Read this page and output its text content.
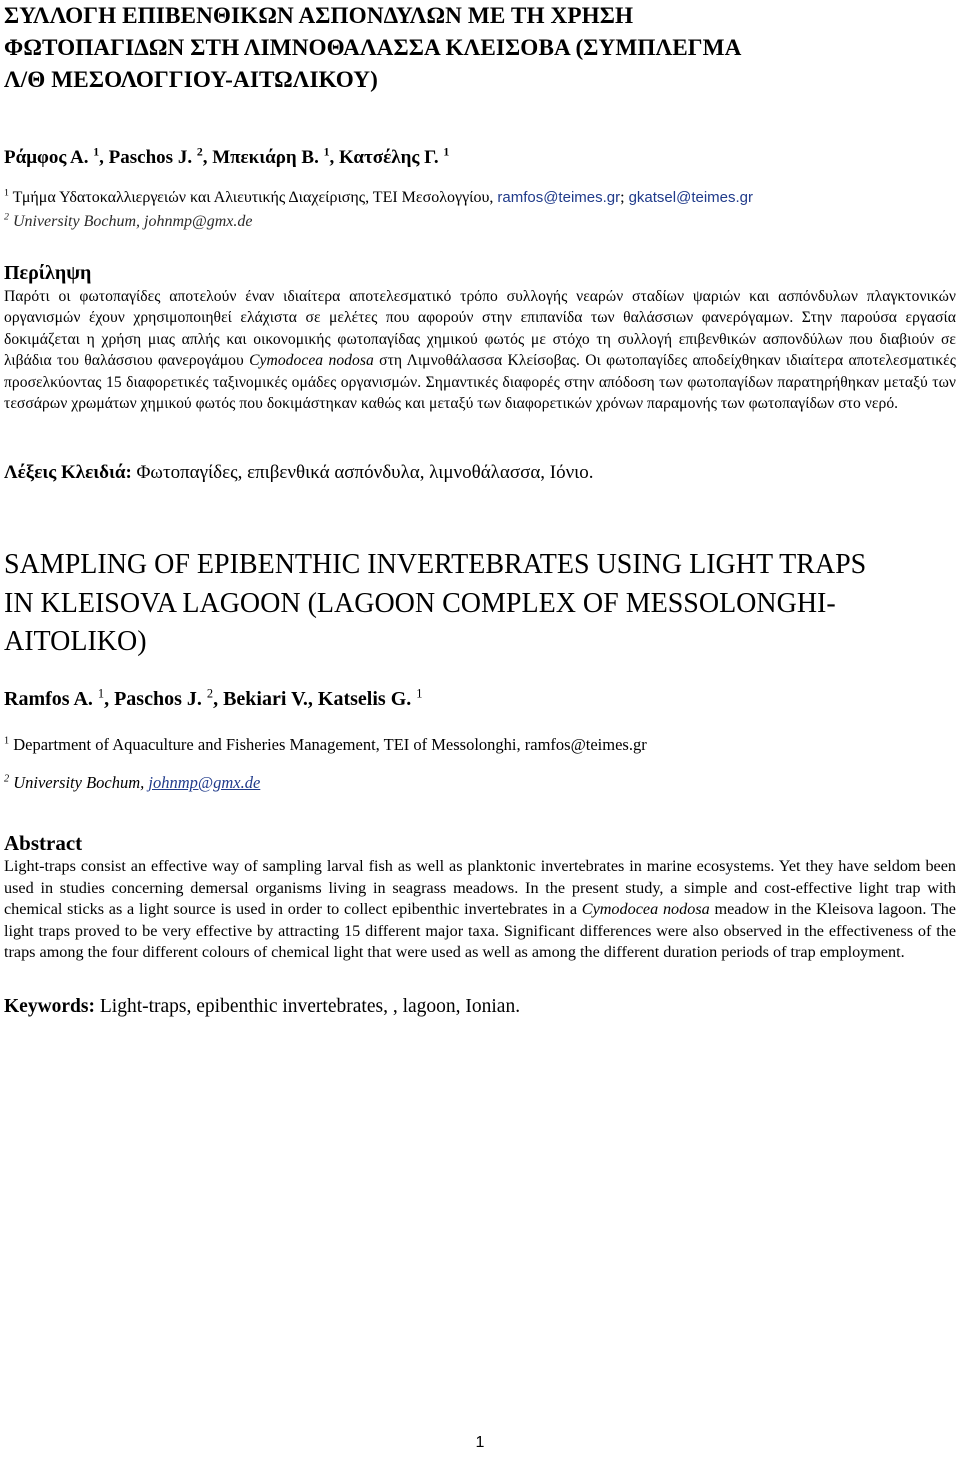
ΣΥΛΛΟΓΗ ΕΠΙΒΕΝΘΙΚΩΝ ΑΣΠΟΝΔΥΛΩΝ ΜΕ ΤΗ ΧΡΗΣΗ
ΦΩΤΟΠΑΓΙΔΩΝ ΣΤΗ ΛΙΜΝΟΘΑΛΑΣΣΑ ΚΛΕΙΣΟΒΑ (ΣΥΜΠΛΕΓΜΑ
Λ/Θ ΜΕΣΟΛΟΓΓΙΟΥ-ΑΙΤΩΛΙΚΟΥ)
Ράμφος Α. $^1$, Paschos J. $^2$, Μπεκιάρη Β. $^1$, Κατσέλης Γ. $^1$
$^1$ Τμήμα Υδατοκαλλιεργειών και Αλιευτικής Διαχείρισης, ΤΕΙ Μεσολογγίου, ramfos@teimes.gr; gkatsel@teimes.gr
$^2$ University Bochum, johnmp@gmx.de
Περίληψη
Παρότι οι φωτοπαγίδες αποτελούν έναν ιδιαίτερα αποτελεσματικό τρόπο συλλογής νεαρών σταδίων ψαριών και ασπόνδυλων πλαγκτονικών οργανισμών έχουν χρησιμοποιηθεί ελάχιστα σε μελέτες που αφορούν στην επιπανίδα των θαλάσσιων φανερόγαμων. Στην παρούσα εργασία δοκιμάζεται η χρήση μιας απλής και οικονομικής φωτοπαγίδας χημικού φωτός με στόχο τη συλλογή επιβενθικών ασπονδύλων που διαβιούν σε λιβάδια του θαλάσσιου φανερογάμου Cymodocea nodosa στη Λιμνοθάλασσα Κλείσοβας. Οι φωτοπαγίδες αποδείχθηκαν ιδιαίτερα αποτελεσματικές προσελκύοντας 15 διαφορετικές ταξινομικές ομάδες οργανισμών. Σημαντικές διαφορές στην απόδοση των φωτοπαγίδων παρατηρήθηκαν μεταξύ των τεσσάρων χρωμάτων χημικού φωτός που δοκιμάστηκαν καθώς και μεταξύ των διαφορετικών χρόνων παραμονής των φωτοπαγίδων στο νερό.
Λέξεις Κλειδιά: Φωτοπαγίδες, επιβενθικά ασπόνδυλα, λιμνοθάλασσα, Ιόνιο.
SAMPLING OF EPIBENTHIC INVERTEBRATES USING LIGHT TRAPS
IN KLEISOVA LAGOON (LAGOON COMPLEX OF MESSOLONGHI-
AITOLIKO)
Ramfos A. $^1$, Paschos J. $^2$, Bekiari V., Katselis G. $^1$
$^1$ Department of Aquaculture and Fisheries Management, TEI of Messolonghi, ramfos@teimes.gr
$^2$ University Bochum, johnmp@gmx.de
Abstract
Light-traps consist an effective way of sampling larval fish as well as planktonic invertebrates in marine ecosystems. Yet they have seldom been used in studies concerning demersal organisms living in seagrass meadows. In the present study, a simple and cost-effective light trap with chemical sticks as a light source is used in order to collect epibenthic invertebrates in a Cymodocea nodosa meadow in the Kleisova lagoon. The light traps proved to be very effective by attracting 15 different major taxa. Significant differences were also observed in the effectiveness of the traps among the four different colours of chemical light that were used as well as among the different duration periods of trap employment.
Keywords: Light-traps, epibenthic invertebrates, , lagoon, Ionian.
1
